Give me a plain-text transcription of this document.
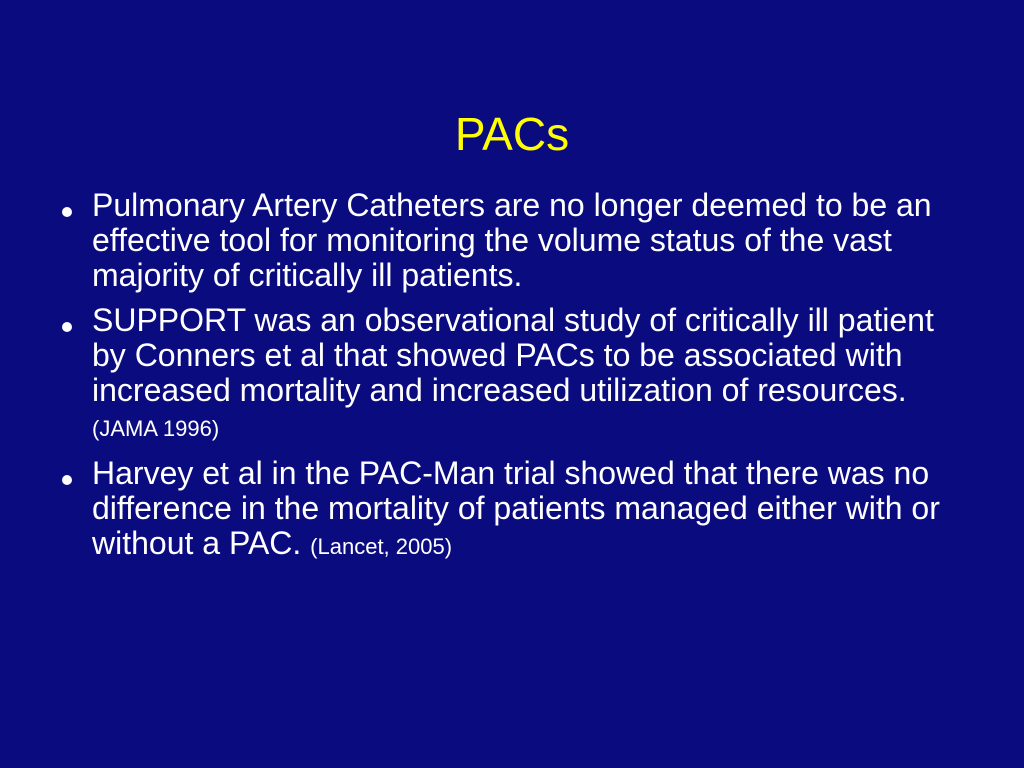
PACs
Pulmonary Artery Catheters are no longer deemed to be an effective tool for monitoring the volume status of the vast majority of critically ill patients.
SUPPORT was an observational study of critically ill patient by Conners et al that showed PACs to be associated with increased mortality and increased utilization of resources. (JAMA 1996)
Harvey et al in the PAC-Man trial showed that there was no difference in the mortality of patients managed either with or without a PAC. (Lancet, 2005)
